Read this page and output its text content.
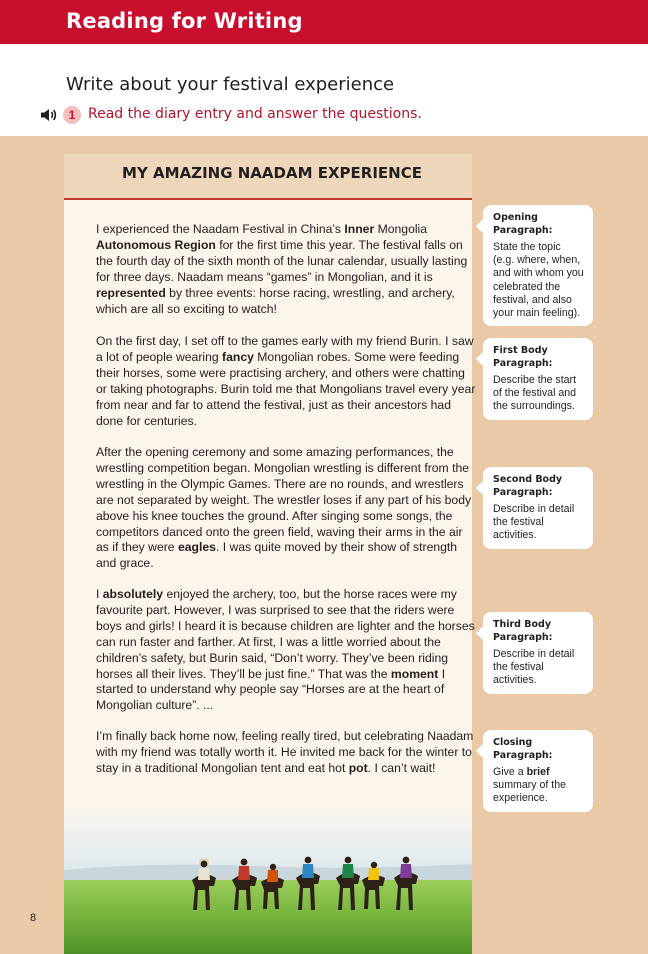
Reading for Writing
Write about your festival experience
1 Read the diary entry and answer the questions.
MY AMAZING NAADAM EXPERIENCE

I experienced the Naadam Festival in China’s Inner Mongolia Autonomous Region for the first time this year. The festival falls on the fourth day of the sixth month of the lunar calendar, usually lasting for three days. Naadam means “games” in Mongolian, and it is represented by three events: horse racing, wrestling, and archery, which are all so exciting to watch!

On the first day, I set off to the games early with my friend Burin. I saw a lot of people wearing fancy Mongolian robes. Some were feeding their horses, some were practising archery, and others were chatting or taking photographs. Burin told me that Mongolians travel every year from near and far to attend the festival, just as their ancestors had done for centuries.

After the opening ceremony and some amazing performances, the wrestling competition began. Mongolian wrestling is different from the wrestling in the Olympic Games. There are no rounds, and wrestlers are not separated by weight. The wrestler loses if any part of his body above his knee touches the ground. After singing some songs, the competitors danced onto the green field, waving their arms in the air as if they were eagles. I was quite moved by their show of strength and grace.

I absolutely enjoyed the archery, too, but the horse races were my favourite part. However, I was surprised to see that the riders were boys and girls! I heard it is because children are lighter and the horses can run faster and farther. At first, I was a little worried about the children’s safety, but Burin said, “Don’t worry. They’ve been riding horses all their lives. They’ll be just fine.” That was the moment I started to understand why people say “Horses are at the heart of Mongolian culture”. ...

I’m finally back home now, feeling really tired, but celebrating Naadam with my friend was totally worth it. He invited me back for the winter to stay in a traditional Mongolian tent and eat hot pot. I can’t wait!

Opening Paragraph:

State the topic (e.g. where, when, and with whom you celebrated the festival, and also your main feeling).

First Body Paragraph:

Describe the start of the festival and the surroundings.

Second Body Paragraph:

Describe in detail the festival activities.

Third Body Paragraph:

Describe in detail the festival activities.

Closing Paragraph:

Give a brief summary of the experience.

8
